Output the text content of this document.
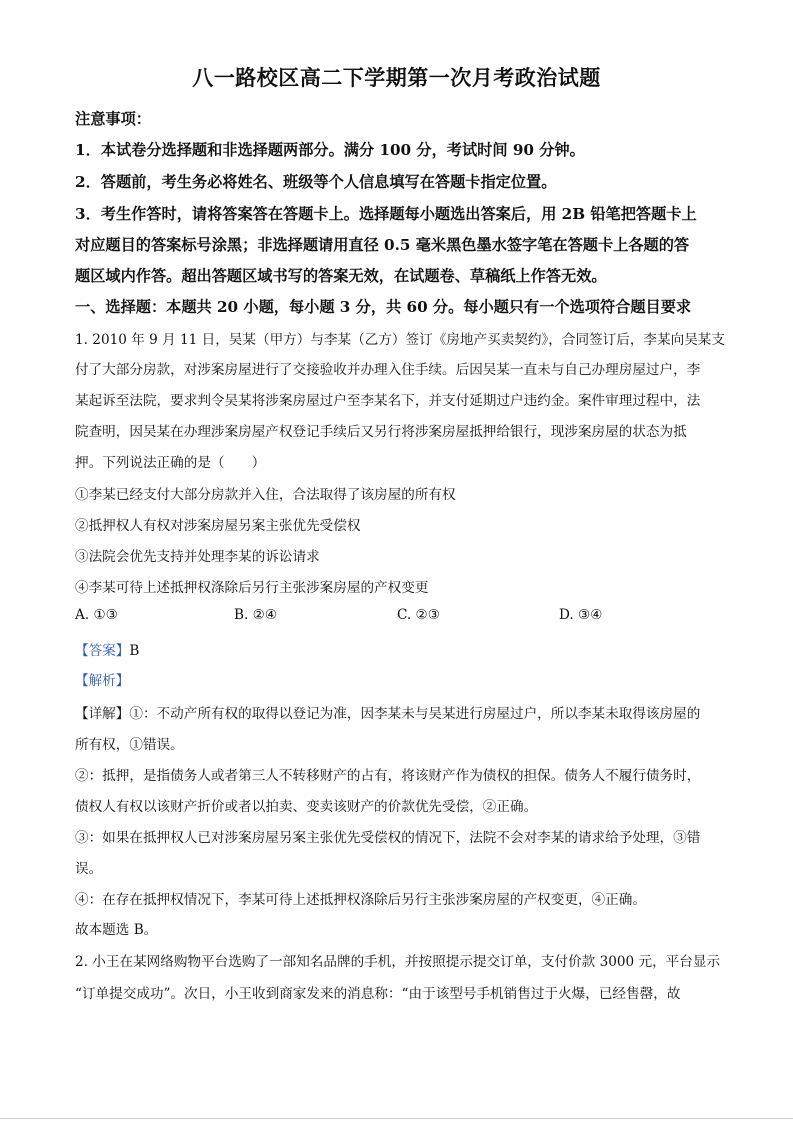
八一路校区高二下学期第一次月考政治试题
注意事项：
1．本试卷分选择题和非选择题两部分。满分 100 分，考试时间 90 分钟。
2．答题前，考生务必将姓名、班级等个人信息填写在答题卡指定位置。
3．考生作答时，请将答案答在答题卡上。选择题每小题选出答案后，用 2B 铅笔把答题卡上
对应题目的答案标号涂黑；非选择题请用直径 0.5 毫米黑色墨水签字笔在答题卡上各题的答
题区域内作答。超出答题区域书写的答案无效，在试题卷、草稿纸上作答无效。
一、选择题：本题共 20 小题，每小题 3 分，共 60 分。每小题只有一个选项符合题目要求
1. 2010 年 9 月 11 日，吴某（甲方）与李某（乙方）签订《房地产买卖契约》，合同签订后，李某向吴某支
付了大部分房款，对涉案房屋进行了交接验收并办理入住手续。后因吴某一直未与自己办理房屋过户，李
某起诉至法院，要求判令吴某将涉案房屋过户至李某名下，并支付延期过户违约金。案件审理过程中，法
院查明，因吴某在办理涉案房屋产权登记手续后又另行将涉案房屋抵押给银行，现涉案房屋的状态为抵
押。下列说法正确的是（　　）
①李某已经支付大部分房款并入住，合法取得了该房屋的所有权
②抵押权人有权对涉案房屋另案主张优先受偿权
③法院会优先支持并处理李某的诉讼请求
④李某可待上述抵押权涤除后另行主张涉案房屋的产权变更
A. ①③	B. ②④	C. ②③	D. ③④
【答案】B
【解析】
【详解】①：不动产所有权的取得以登记为准，因李某未与吴某进行房屋过户，所以李某未取得该房屋的
所有权，①错误。
②：抵押，是指债务人或者第三人不转移财产的占有，将该财产作为债权的担保。债务人不履行债务时，
债权人有权以该财产折价或者以拍卖、变卖该财产的价款优先受偿，②正确。
③：如果在抵押权人已对涉案房屋另案主张优先受偿权的情况下，法院不会对李某的请求给予处理，③错
误。
④：在存在抵押权情况下，李某可待上述抵押权涤除后另行主张涉案房屋的产权变更，④正确。
故本题选 B。
2. 小王在某网络购物平台选购了一部知名品牌的手机，并按照提示提交订单，支付价款 3000 元，平台显示
“订单提交成功”。次日，小王收到商家发来的消息称：“由于该型号手机销售过于火爆，已经售罄，故
